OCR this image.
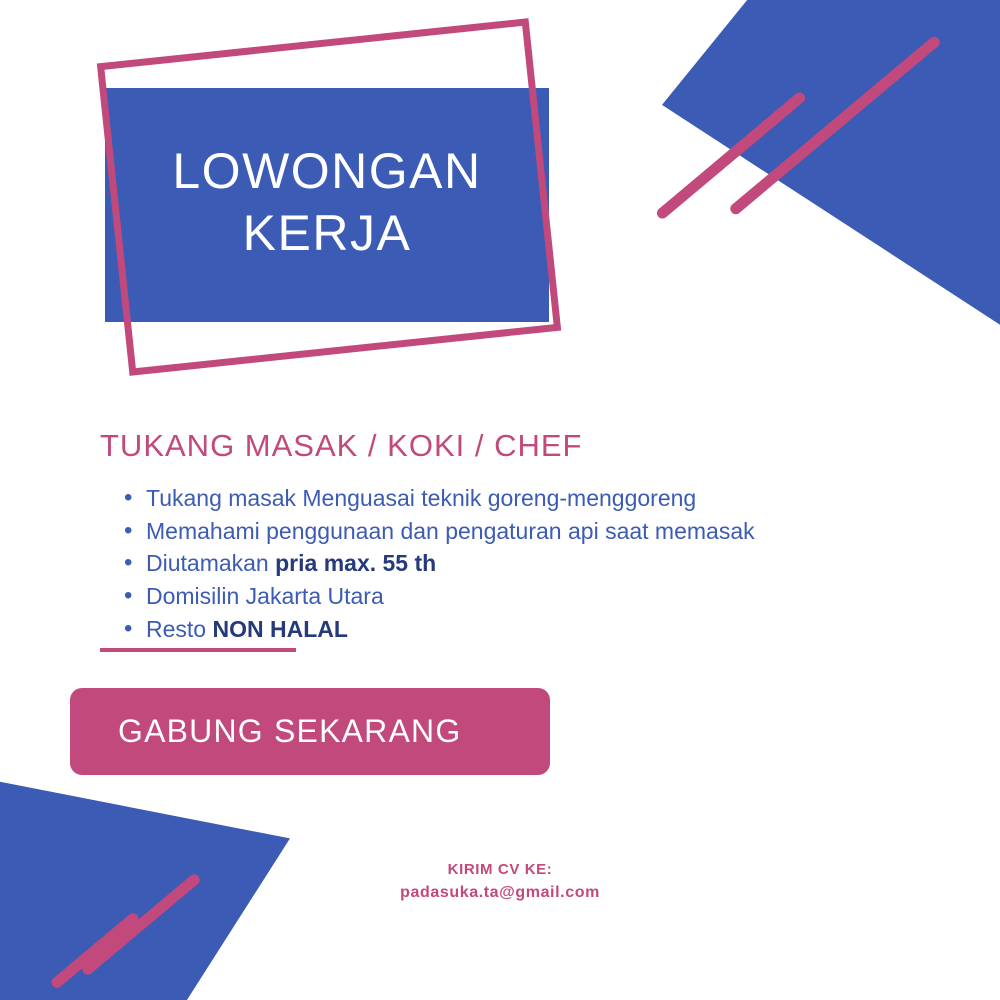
LOWONGAN
KERJA
TUKANG MASAK / KOKI / CHEF
• Tukang masak Menguasai teknik goreng-menggoreng
• Memahami penggunaan dan pengaturan api saat memasak
• Diutamakan pria max. 55 th
• Domisilin Jakarta Utara
• Resto NON HALAL
GABUNG SEKARANG
KIRIM CV KE:
padasuka.ta@gmail.com
